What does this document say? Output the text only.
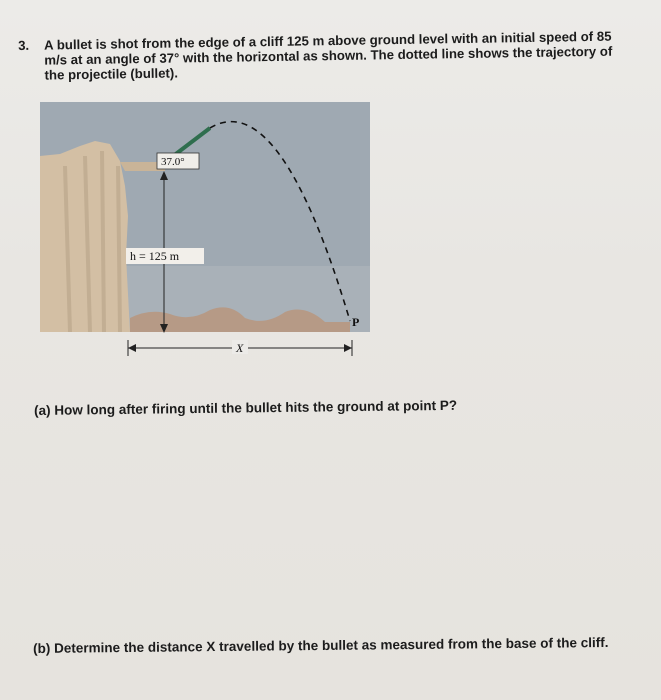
3. A bullet is shot from the edge of a cliff 125 m above ground level with an initial speed of 85 m/s at an angle of 37° with the horizontal as shown. The dotted line shows the trajectory of the projectile (bullet).
37.0°
h = 125 m
P
X
(a) How long after firing until the bullet hits the ground at point P?
(b) Determine the distance X travelled by the bullet as measured from the base of the cliff.
